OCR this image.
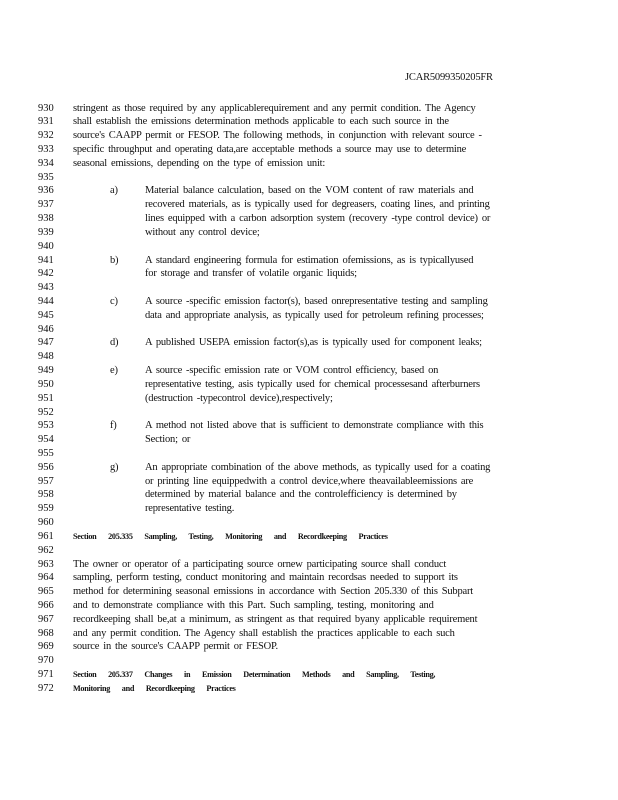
JCAR5099350205FR
930	stringent as those required by any applicablerequirement and any permit condition. The Agency
931	shall establish the emissions determination methods applicable to each such source in the
932	source's CAAPP permit or FESOP. The following methods, in conjunction with relevant source -
933	specific throughput and operating data,are acceptable methods a source may use to determine
934	seasonal emissions, depending on the type of emission unit:
935
936	a)	Material balance calculation, based on the VOM content of raw materials and
937	recovered materials, as is typically used for degreasers, coating lines, and printing
938	lines equipped with a carbon adsorption system (recovery -type control device) or
939	without any control device;
940
941	b)	A standard engineering formula for estimation ofemissions, as is typicallyused
942	for storage and transfer of volatile organic liquids;
943
944	c)	A source -specific emission factor(s), based onrepresentative testing and sampling
945	data and appropriate analysis, as typically used for petroleum refining processes;
946
947	d)	A published USEPA emission factor(s),as is typically used for component leaks;
948
949	e)	A source -specific emission rate or VOM control efficiency, based on
950	representative testing, asis typically used for chemical processesand afterburners
951	(destruction -typecontrol device),respectively;
952
953	f)	A method not listed above that is sufficient to demonstrate compliance with this
954	Section; or
955
956	g)	An appropriate combination of the above methods, as typically used for a coating
957	or printing line equippedwith a control device,where theavailableemissions are
958	determined by material balance and the controlefficiency is determined by
959	representative testing.
960
961	Section 205.335 Sampling, Testing, Monitoring and Recordkeeping Practices
962
963	The owner or operator of a participating source ornew participating source shall conduct
964	sampling, perform testing, conduct monitoring and maintain recordsas needed to support its
965	method for determining seasonal emissions in accordance with Section 205.330 of this Subpart
966	and to demonstrate compliance with this Part. Such sampling, testing, monitoring and
967	recordkeeping shall be,at a minimum, as stringent as that required byany applicable requirement
968	and any permit condition. The Agency shall establish the practices applicable to each such
969	source in the source's CAAPP permit or FESOP.
970
971	Section 205.337 Changes in Emission Determination Methods and Sampling, Testing,
972	Monitoring and Recordkeeping Practices
